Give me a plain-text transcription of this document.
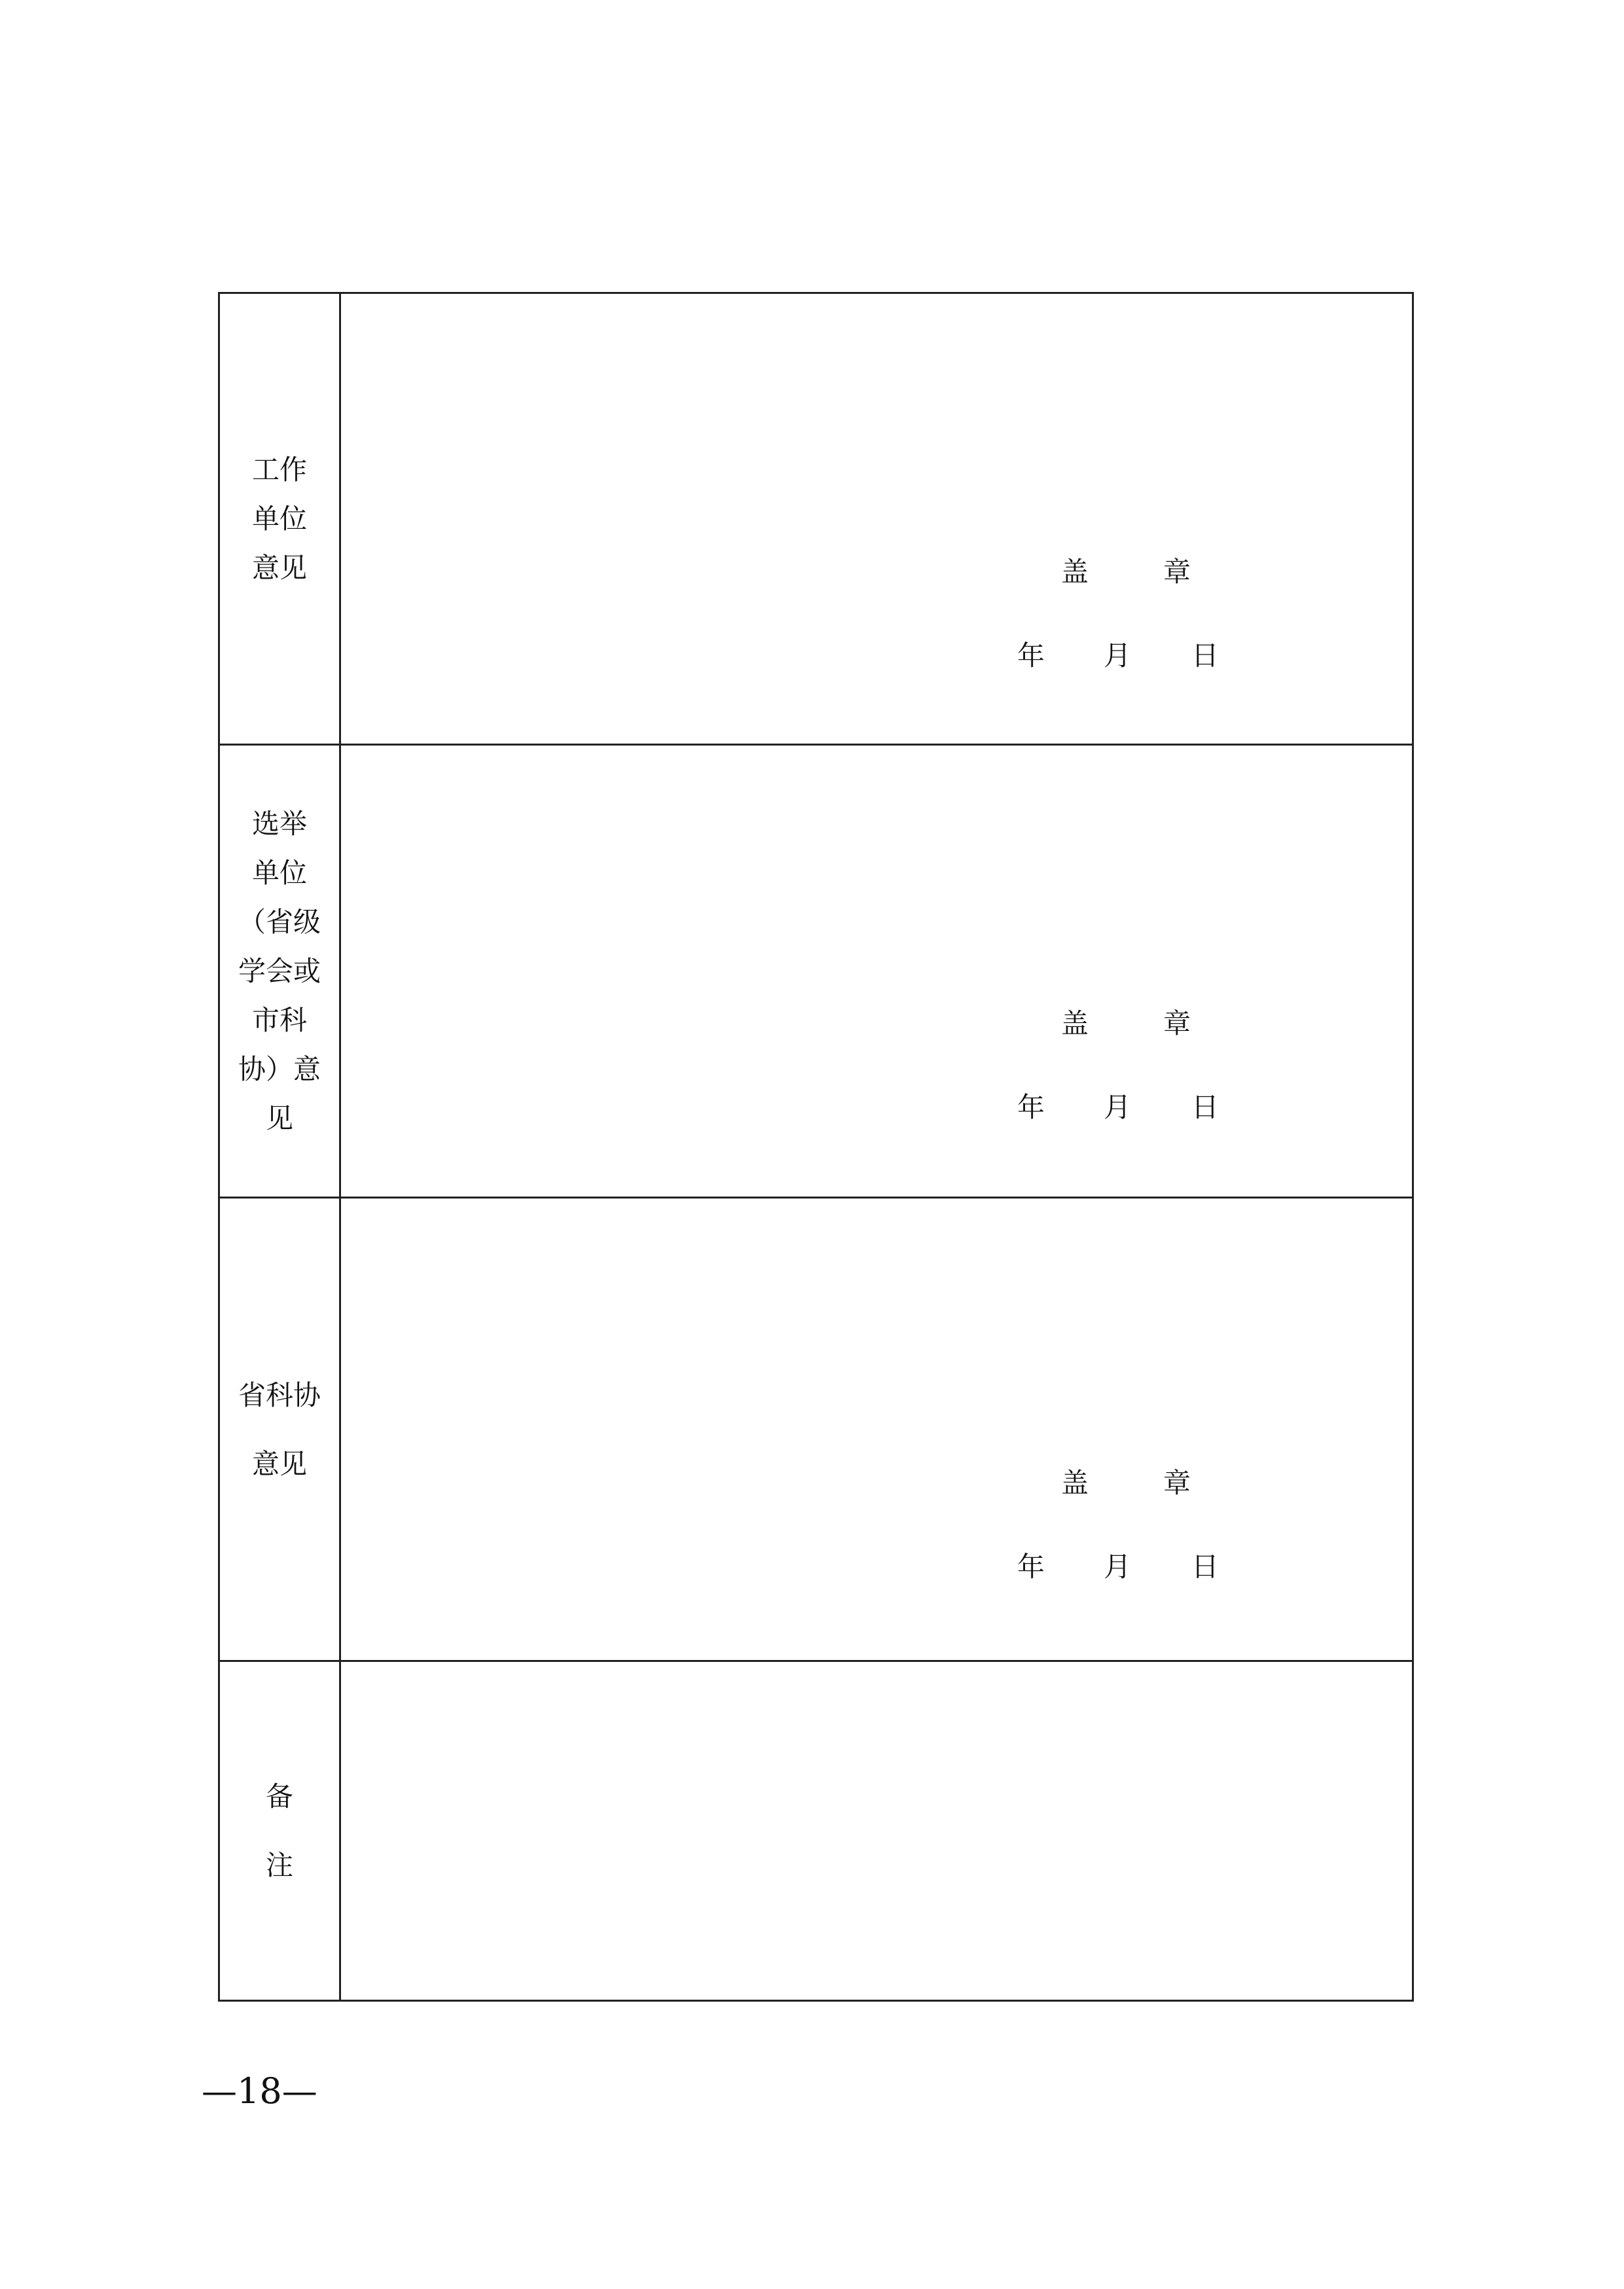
工作
单位
意见	盖	章
年 月 日
选举
单位
（省级
学会或
市科
协）意
见
盖	章
年 月 日
省科协
意见
盖	章
年 月 日
备
注
—18—
